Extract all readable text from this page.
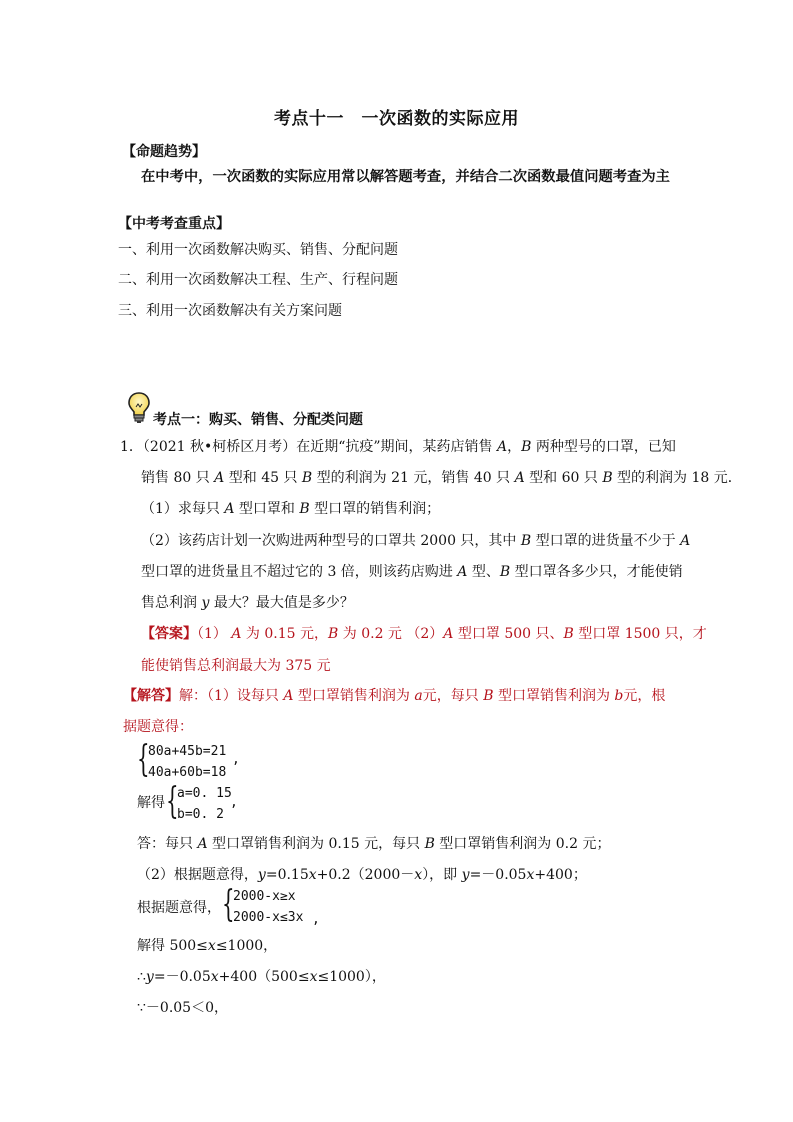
考点十一　一次函数的实际应用
【命题趋势】
在中考中，一次函数的实际应用常以解答题考查，并结合二次函数最值问题考查为主
【中考考查重点】
一、利用一次函数解决购买、销售、分配问题
二、利用一次函数解决工程、生产、行程问题
三、利用一次函数解决有关方案问题
考点一：购买、销售、分配类问题
1．（2021 秋•柯桥区月考）在近期“抗疫”期间，某药店销售 A，B 两种型号的口罩，已知
销售 80 只 A 型和 45 只 B 型的利润为 21 元，销售 40 只 A 型和 60 只 B 型的利润为 18 元．
（1）求每只 A 型口罩和 B 型口罩的销售利润；
（2）该药店计划一次购进两种型号的口罩共 2000 只，其中 B 型口罩的进货量不少于 A
型口罩的进货量且不超过它的 3 倍，则该药店购进 A 型、B 型口罩各多少只，才能使销
售总利润 y 最大？最大值是多少？
【答案】（1） A 为 0.15 元，B 为 0.2 元 （2）A 型口罩 500 只、B 型口罩 1500 只，才
能使销售总利润最大为 375 元
【解答】解：（1）设每只 A 型口罩销售利润为 a元，每只 B 型口罩销售利润为 b元，根
据题意得：
{
80a+45b=21
40a+60b=18
,
解得 {
a=0. 15
b=0. 2
,
答：每只 A 型口罩销售利润为 0.15 元，每只 B 型口罩销售利润为 0.2 元；
（2）根据题意得，y=0.15x+0.2（2000－x），即 y=－0.05x+400；
根据题意得， {
2000-x≥x
2000-x≤3x ,
解得 500≤x≤1000，
∴y=－0.05x+400（500≤x≤1000），
∵－0.05＜0，
